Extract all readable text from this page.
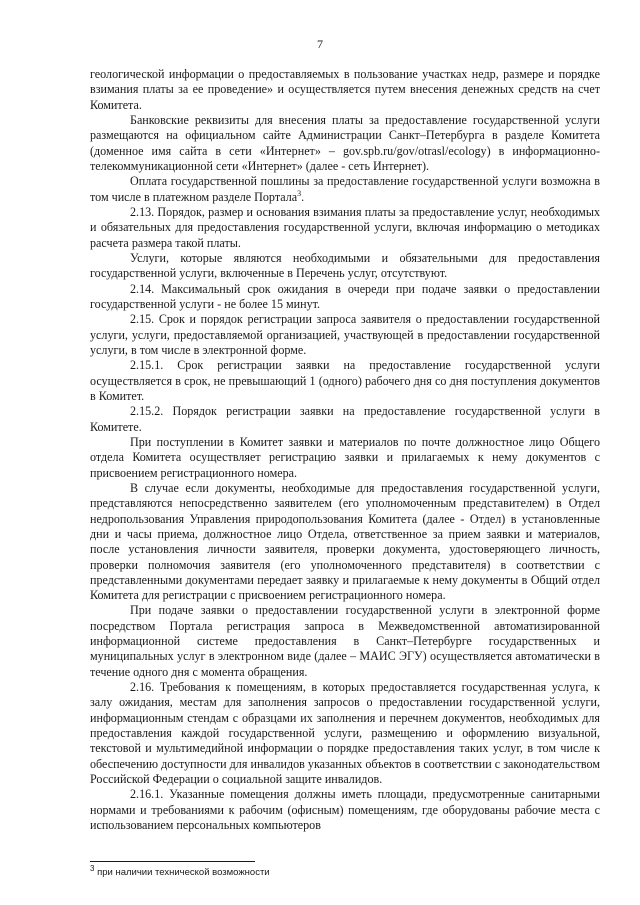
7

геологической информации о предоставляемых в пользование участках недр, размере и порядке взимания платы за ее проведение» и осуществляется путем внесения денежных средств на счет Комитета.

Банковские реквизиты для внесения платы за предоставление государственной услуги размещаются на официальном сайте Администрации Санкт–Петербурга в разделе Комитета (доменное имя сайта в сети «Интернет» – gov.spb.ru/gov/otrasl/ecology) в информационно-телекоммуникационной сети «Интернет» (далее - сеть Интернет).

Оплата государственной пошлины за предоставление государственной услуги возможна в том числе в платежном разделе Портала$^3$.

2.13. Порядок, размер и основания взимания платы за предоставление услуг, необходимых и обязательных для предоставления государственной услуги, включая информацию о методиках расчета размера такой платы.

Услуги, которые являются необходимыми и обязательными для предоставления государственной услуги, включенные в Перечень услуг, отсутствуют.

2.14. Максимальный срок ожидания в очереди при подаче заявки о предоставлении государственной услуги - не более 15 минут.

2.15. Срок и порядок регистрации запроса заявителя о предоставлении государственной услуги, услуги, предоставляемой организацией, участвующей в предоставлении государственной услуги, в том числе в электронной форме.

2.15.1. Срок регистрации заявки на предоставление государственной услуги осуществляется в срок, не превышающий 1 (одного) рабочего дня со дня поступления документов в Комитет.

2.15.2. Порядок регистрации заявки на предоставление государственной услуги в Комитете.

При поступлении в Комитет заявки и материалов по почте должностное лицо Общего отдела Комитета осуществляет регистрацию заявки и прилагаемых к нему документов с присвоением регистрационного номера.

В случае если документы, необходимые для предоставления государственной услуги, представляются непосредственно заявителем (его уполномоченным представителем) в Отдел недропользования Управления природопользования Комитета (далее - Отдел) в установленные дни и часы приема, должностное лицо Отдела, ответственное за прием заявки и материалов, после установления личности заявителя, проверки документа, удостоверяющего личность, проверки полномочия заявителя (его уполномоченного представителя) в соответствии с представленными документами передает заявку и прилагаемые к нему документы в Общий отдел Комитета для регистрации с присвоением регистрационного номера.

При подаче заявки о предоставлении государственной услуги в электронной форме посредством Портала регистрация запроса в Межведомственной автоматизированной информационной системе предоставления в Санкт–Петербурге государственных и муниципальных услуг в электронном виде (далее – МАИС ЭГУ) осуществляется автоматически в течение одного дня с момента обращения.

2.16. Требования к помещениям, в которых предоставляется государственная услуга, к залу ожидания, местам для заполнения запросов о предоставлении государственной услуги, информационным стендам с образцами их заполнения и перечнем документов, необходимых для предоставления каждой государственной услуги, размещению и оформлению визуальной, текстовой и мультимедийной информации о порядке предоставления таких услуг, в том числе к обеспечению доступности для инвалидов указанных объектов в соответствии с законодательством Российской Федерации о социальной защите инвалидов.

2.16.1. Указанные помещения должны иметь площади, предусмотренные санитарными нормами и требованиями к рабочим (офисным) помещениям, где оборудованы рабочие места с использованием персональных компьютеров

$^3$ при наличии технической возможности
